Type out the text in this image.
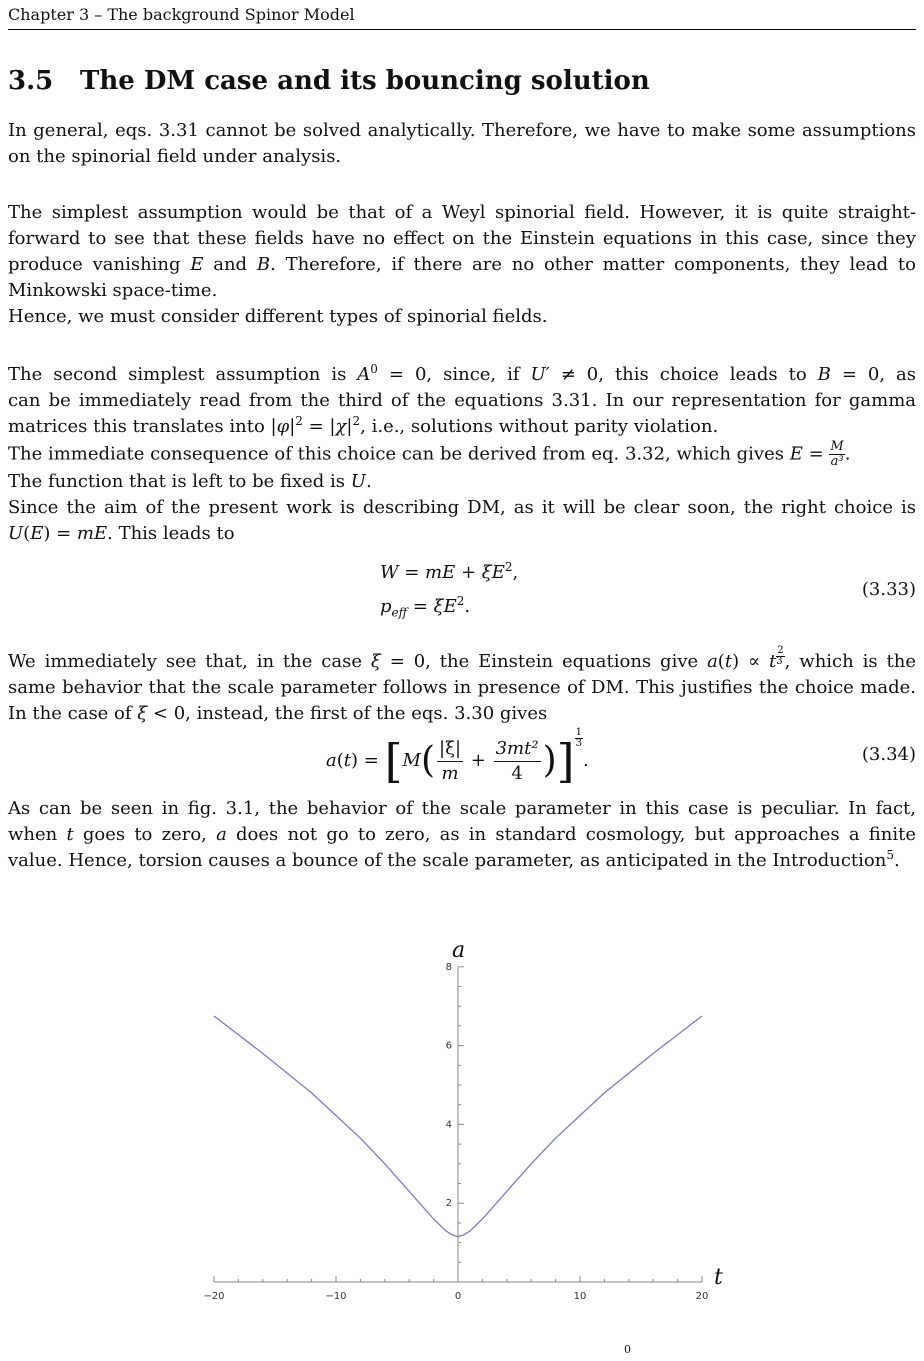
Chapter 3 – The background Spinor Model
3.5 The DM case and its bouncing solution
In general, eqs. 3.31 cannot be solved analytically. Therefore, we have to make some assumptions
on the spinorial field under analysis.
The simplest assumption would be that of a Weyl spinorial field. However, it is quite straight-
forward to see that these fields have no effect on the Einstein equations in this case, since they
produce vanishing E and B. Therefore, if there are no other matter components, they lead to
Minkowski space-time.
Hence, we must consider different types of spinorial fields.
The second simplest assumption is $A^0 = 0$, since, if U′ ≠ 0, this choice leads to B = 0, as
can be immediately read from the third of the equations 3.31. In our representation for gamma
matrices this translates into $|\varphi|^2 = |\chi|^2$, i.e., solutions without parity violation.
The immediate consequence of this choice can be derived from eq. 3.32, which gives $E = \frac{M}{\text{a³}}$ .
The function that is left to be fixed is U.
Since the aim of the present work is describing DM, as it will be clear soon, the right choice is
U(E) = mE. This leads to
W = mE + $\xi E^2$,
$p_{eff} = \xi E^2$.
(3.33)
We immediately see that, in the case ξ = 0, the Einstein equations give a(t) ∝ t $^{\frac{2}{3}}$ , which is the
same behavior that the scale parameter follows in presence of DM. This justifies the choice made.
In the case of ξ < 0, instead, the first of the eqs. 3.30 gives
$a(t) = [M( \frac{|\xi|}{m} + \frac{\text{3mt²}}{4}$ )] $^{\frac{1}{3}}$
.	(3.34)
As can be seen in fig. 3.1, the behavior of the scale parameter in this case is peculiar. In fact,
when t goes to zero, a does not go to zero, as in standard cosmology, but approaches a finite
value. Hence, torsion causes a bounce of the scale parameter, as anticipated in the Introduction$^5$.
0
−20	−10	0	10	20
2
4
6
8
t
a
